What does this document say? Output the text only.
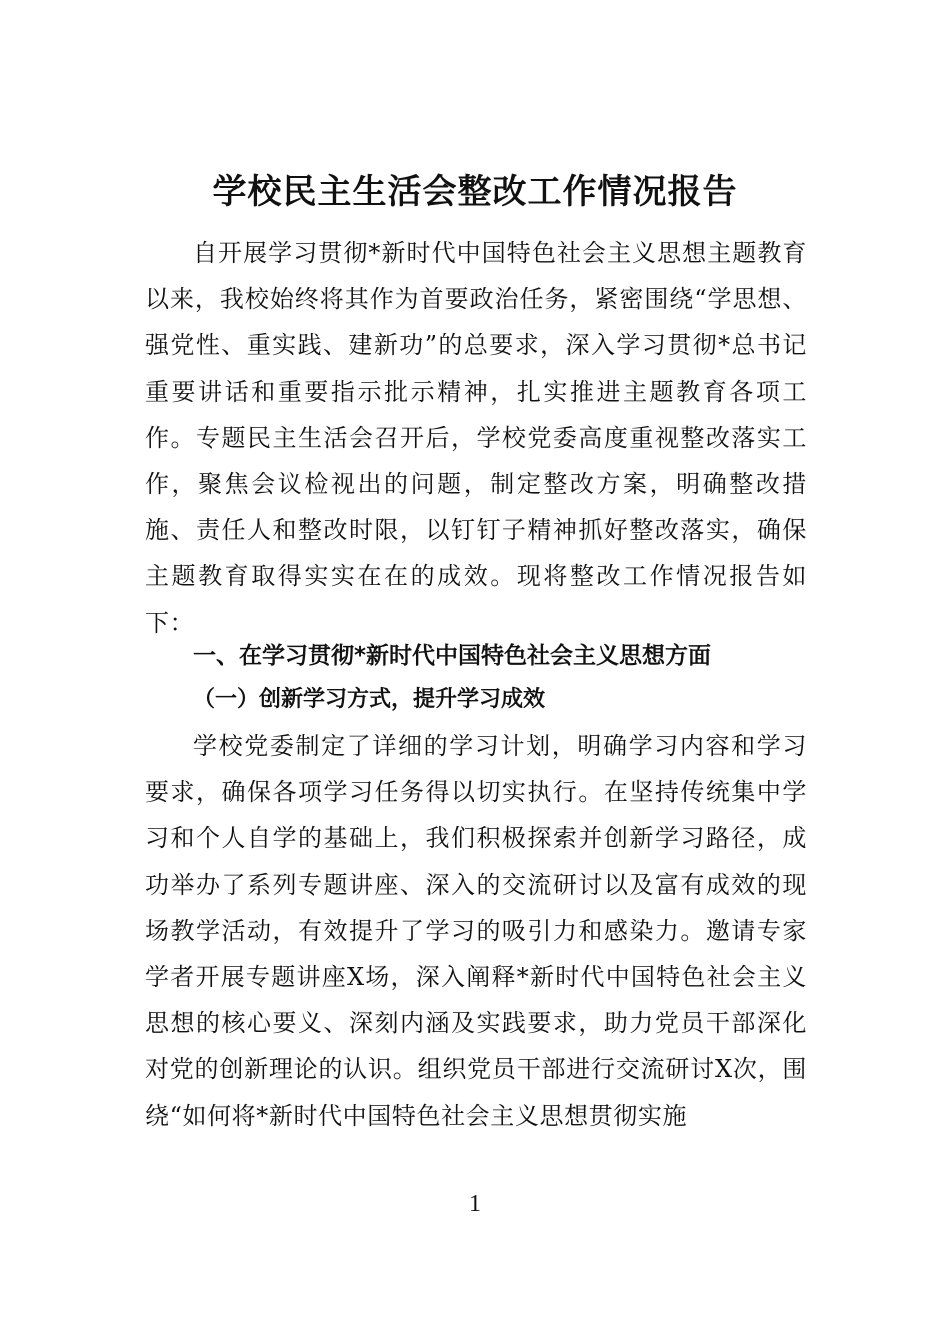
学校民主生活会整改工作情况报告

自开展学习贯彻*新时代中国特色社会主义思想主题教育以来，我校始终将其作为首要政治任务，紧密围绕“学思想、强党性、重实践、建新功”的总要求，深入学习贯彻*总书记重要讲话和重要指示批示精神，扎实推进主题教育各项工作。专题民主生活会召开后，学校党委高度重视整改落实工作，聚焦会议检视出的问题，制定整改方案，明确整改措施、责任人和整改时限，以钉钉子精神抓好整改落实，确保主题教育取得实实在在的成效。现将整改工作情况报告如下：

一、在学习贯彻*新时代中国特色社会主义思想方面
（一）创新学习方式，提升学习成效

学校党委制定了详细的学习计划，明确学习内容和学习要求，确保各项学习任务得以切实执行。在坚持传统集中学习和个人自学的基础上，我们积极探索并创新学习路径，成功举办了系列专题讲座、深入的交流研讨以及富有成效的现场教学活动，有效提升了学习的吸引力和感染力。邀请专家学者开展专题讲座X场，深入阐释*新时代中国特色社会主义思想的核心要义、深刻内涵及实践要求，助力党员干部深化对党的创新理论的认识。组织党员干部进行交流研讨X次，围绕“如何将*新时代中国特色社会主义思想贯彻实施

1
